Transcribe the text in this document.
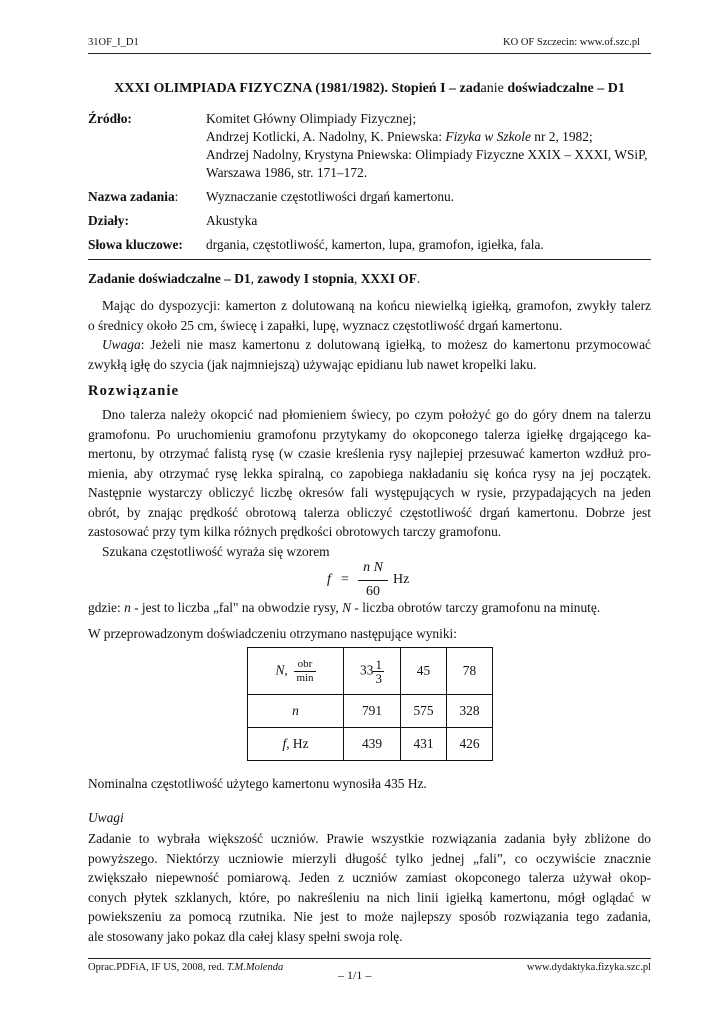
31OF_I_D1	KO OF Szczecin: www.of.szc.pl
XXXI OLIMPIADA FIZYCZNA (1981/1982). Stopień I – zadanie doświadczalne – D1
Źródło:	Komitet Główny Olimpiady Fizycznej;
Andrzej Kotlicki, A. Nadolny, K. Pniewska: Fizyka w Szkole nr 2, 1982;
Andrzej Nadolny, Krystyna Pniewska: Olimpiady Fizyczne XXIX – XXXI, WSiP,
Warszawa 1986, str. 171–172.
Nazwa zadania: Wyznaczanie częstotliwości drgań kamertonu.
Działy:	Akustyka
Słowa kluczowe: drgania, częstotliwość, kamerton, lupa, gramofon, igiełka, fala.
Zadanie doświadczalne – D1, zawody I stopnia, XXXI OF.
Mając do dyspozycji: kamerton z dolutowaną na końcu niewielką igiełką, gramofon, zwykły talerz
o średnicy około 25 cm, świecę i zapałki, lupę, wyznacz częstotliwość drgań kamertonu.
Uwaga: Jeżeli nie masz kamertonu z dolutowaną igiełką, to możesz do kamertonu przymocować
zwykłą igłę do szycia (jak najmniejszą) używając epidianu lub nawet kropelki laku.
Rozwiązanie
Dno talerza należy okopcić nad płomieniem świecy, po czym położyć go do góry dnem na talerzu
gramofonu. Po uruchomieniu gramofonu przytykamy do okopconego talerza igiełkę drgającego ka-
mertonu, by otrzymać falistą rysę (w czasie kreślenia rysy najlepiej przesuwać kamerton wzdłuż pro-
mienia, aby otrzymać rysę lekka spiralną, co zapobiega nakładaniu się końca rysy na jej początek.
Następnie wystarczy obliczyć liczbę okresów fali występujących w rysie, przypadających na jeden
obrót, by znając prędkość obrotową talerza obliczyć częstotliwość drgań kamertonu. Dobrze jest
zastosować przy tym kilka różnych prędkości obrotowych tarczy gramofonu.
Szukana częstotliwość wyraża się wzorem
f =
n N
60
Hz
gdzie: n - jest to liczba „fal" na obwodzie rysy, N - liczba obrotów tarczy gramofonu na minutę.
W przeprowadzonym doświadczeniu otrzymano następujące wyniki:
N, $\frac{\text{obr}}{\min}$	$33 \frac{1}{3}$	45	78
n	791	575	328
f, Hz	439	431	426
Nominalna częstotliwość użytego kamertonu wynosiła 435 Hz.
Uwagi
Zadanie to wybrała większość uczniów. Prawie wszystkie rozwiązania zadania były zbliżone do
powyższego. Niektórzy uczniowie mierzyli długość tylko jednej „fali”, co oczywiście znacznie
zwiększało niepewność pomiarową. Jeden z uczniów zamiast okopconego talerza używał okop-
conych płytek szklanych, które, po nakreśleniu na nich linii igiełką kamertonu, mógł oglądać w
powiekszeniu za pomocą rzutnika. Nie jest to może najlepszy sposób rozwiązania tego zadania,
ale stosowany jako pokaz dla całej klasy spełni swoja rolę.
Oprac.PDFiA, IF US, 2008, red. T.M.Molenda
– 1/1 –
www.dydaktyka.fizyka.szc.pl
